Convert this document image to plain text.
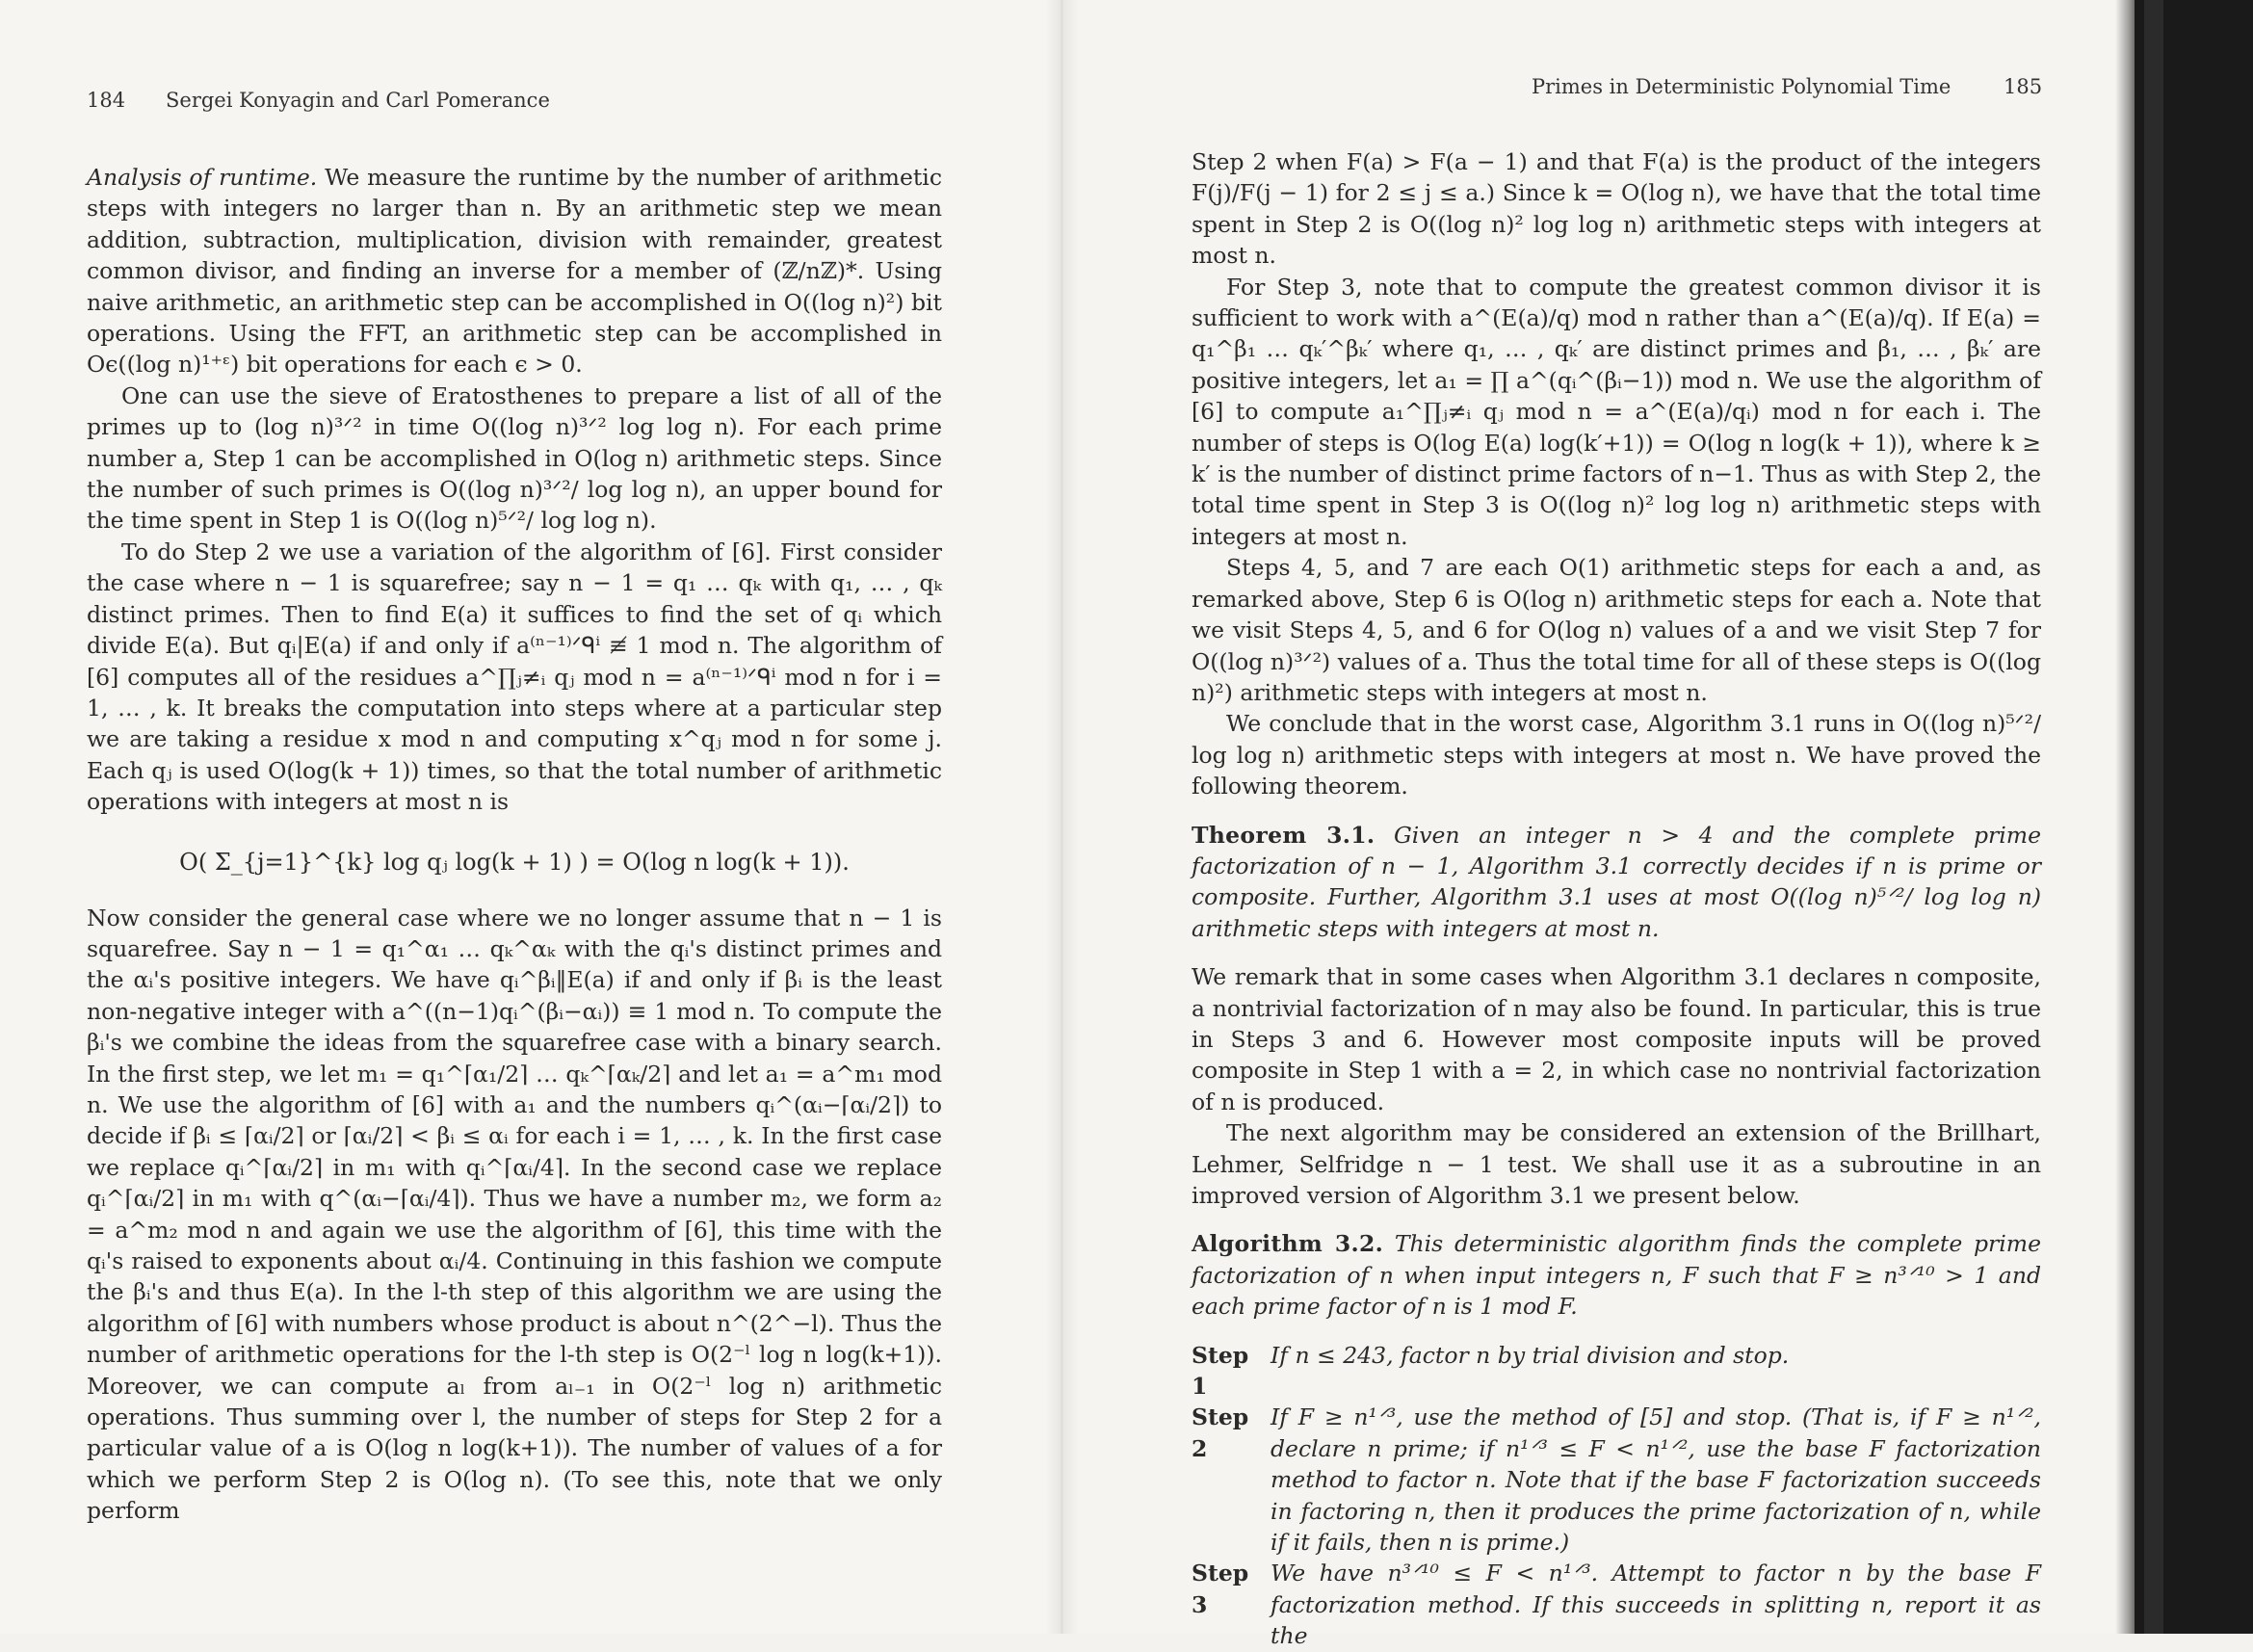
184 Sergei Konyagin and Carl Pomerance
Primes in Deterministic Polynomial Time	185

Analysis of runtime. We measure the runtime by the number of arithmetic steps with integers no larger than n. By an arithmetic step we mean addition, subtraction, multiplication, division with remainder, greatest common divisor, and finding an inverse for a member of (ℤ/nℤ)*. Using naive arithmetic, an arithmetic step can be accomplished in O((log n)²) bit operations. Using the FFT, an arithmetic step can be accomplished in Oϵ((log n)¹⁺ᵋ) bit operations for each ϵ > 0.

One can use the sieve of Eratosthenes to prepare a list of all of the primes up to (log n)³ᐟ² in time O((log n)³ᐟ² log log n). For each prime number a, Step 1 can be accomplished in O(log n) arithmetic steps. Since the number of such primes is O((log n)³ᐟ²/ log log n), an upper bound for the time spent in Step 1 is O((log n)⁵ᐟ²/ log log n).

To do Step 2 we use a variation of the algorithm of [6]. First consider the case where n − 1 is squarefree; say n − 1 = q₁ … qₖ with q₁, … , qₖ distinct primes. Then to find E(a) it suffices to find the set of qᵢ which divide E(a). But qᵢ|E(a) if and only if a⁽ⁿ⁻¹⁾ᐟᑫⁱ ≢ 1 mod n. The algorithm of [6] computes all of the residues a^∏ⱼ≠ᵢ qⱼ mod n = a⁽ⁿ⁻¹⁾ᐟᑫⁱ mod n for i = 1, … , k. It breaks the computation into steps where at a particular step we are taking a residue x mod n and computing x^qⱼ mod n for some j. Each qⱼ is used O(log(k + 1)) times, so that the total number of arithmetic operations with integers at most n is

O( Σ_{j=1}^{k} log qⱼ log(k + 1) ) = O(log n log(k + 1)).

Now consider the general case where we no longer assume that n − 1 is squarefree. Say n − 1 = q₁^α₁ … qₖ^αₖ with the qᵢ's distinct primes and the αᵢ's positive integers. We have qᵢ^βᵢ‖E(a) if and only if βᵢ is the least non-negative integer with a^((n−1)qᵢ^(βᵢ−αᵢ)) ≡ 1 mod n. To compute the βᵢ's we combine the ideas from the squarefree case with a binary search. In the first step, we let m₁ = q₁^⌈α₁/2⌉ … qₖ^⌈αₖ/2⌉ and let a₁ = a^m₁ mod n. We use the algorithm of [6] with a₁ and the numbers qᵢ^(αᵢ−⌈αᵢ/2⌉) to decide if βᵢ ≤ ⌈αᵢ/2⌉ or ⌈αᵢ/2⌉ < βᵢ ≤ αᵢ for each i = 1, … , k. In the first case we replace qᵢ^⌈αᵢ/2⌉ in m₁ with qᵢ^⌈αᵢ/4⌉. In the second case we replace qᵢ^⌈αᵢ/2⌉ in m₁ with q^(αᵢ−⌈αᵢ/4⌉). Thus we have a number m₂, we form a₂ = a^m₂ mod n and again we use the algorithm of [6], this time with the qᵢ's raised to exponents about αᵢ/4. Continuing in this fashion we compute the βᵢ's and thus E(a). In the l-th step of this algorithm we are using the algorithm of [6] with numbers whose product is about n^(2^−l). Thus the number of arithmetic operations for the l-th step is O(2⁻ˡ log n log(k+1)). Moreover, we can compute aₗ from aₗ₋₁ in O(2⁻ˡ log n) arithmetic operations. Thus summing over l, the number of steps for Step 2 for a particular value of a is O(log n log(k+1)). The number of values of a for which we perform Step 2 is O(log n). (To see this, note that we only perform

Step 2 when F(a) > F(a − 1) and that F(a) is the product of the integers F(j)/F(j − 1) for 2 ≤ j ≤ a.) Since k = O(log n), we have that the total time spent in Step 2 is O((log n)² log log n) arithmetic steps with integers at most n.

For Step 3, note that to compute the greatest common divisor it is sufficient to work with a^(E(a)/q) mod n rather than a^(E(a)/q). If E(a) = q₁^β₁ … qₖ′^βₖ′ where q₁, … , qₖ′ are distinct primes and β₁, … , βₖ′ are positive integers, let a₁ = ∏ a^(qᵢ^(βᵢ−1)) mod n. We use the algorithm of [6] to compute a₁^∏ⱼ≠ᵢ qⱼ mod n = a^(E(a)/qᵢ) mod n for each i. The number of steps is O(log E(a) log(k′+1)) = O(log n log(k + 1)), where k ≥ k′ is the number of distinct prime factors of n−1. Thus as with Step 2, the total time spent in Step 3 is O((log n)² log log n) arithmetic steps with integers at most n.

Steps 4, 5, and 7 are each O(1) arithmetic steps for each a and, as remarked above, Step 6 is O(log n) arithmetic steps for each a. Note that we visit Steps 4, 5, and 6 for O(log n) values of a and we visit Step 7 for O((log n)³ᐟ²) values of a. Thus the total time for all of these steps is O((log n)²) arithmetic steps with integers at most n.

We conclude that in the worst case, Algorithm 3.1 runs in O((log n)⁵ᐟ²/ log log n) arithmetic steps with integers at most n. We have proved the following theorem.

Theorem 3.1. Given an integer n > 4 and the complete prime factorization of n − 1, Algorithm 3.1 correctly decides if n is prime or composite. Further, Algorithm 3.1 uses at most O((log n)⁵ᐟ²/ log log n) arithmetic steps with integers at most n.

We remark that in some cases when Algorithm 3.1 declares n composite, a nontrivial factorization of n may also be found. In particular, this is true in Steps 3 and 6. However most composite inputs will be proved composite in Step 1 with a = 2, in which case no nontrivial factorization of n is produced.

The next algorithm may be considered an extension of the Brillhart, Lehmer, Selfridge n − 1 test. We shall use it as a subroutine in an improved version of Algorithm 3.1 we present below.

Algorithm 3.2. This deterministic algorithm finds the complete prime factorization of n when input integers n, F such that F ≥ n³ᐟ¹⁰ > 1 and each prime factor of n is 1 mod F.

Step 1
If n ≤ 243, factor n by trial division and stop.
Step 2
If F ≥ n¹ᐟ³, use the method of [5] and stop. (That is, if F ≥ n¹ᐟ², declare n prime; if n¹ᐟ³ ≤ F < n¹ᐟ², use the base F factorization method to factor n. Note that if the base F factorization succeeds in factoring n, then it produces the prime factorization of n, while if it fails, then n is prime.)
Step 3
We have n³ᐟ¹⁰ ≤ F < n¹ᐟ³. Attempt to factor n by the base F factorization method. If this succeeds in splitting n, report it as the
